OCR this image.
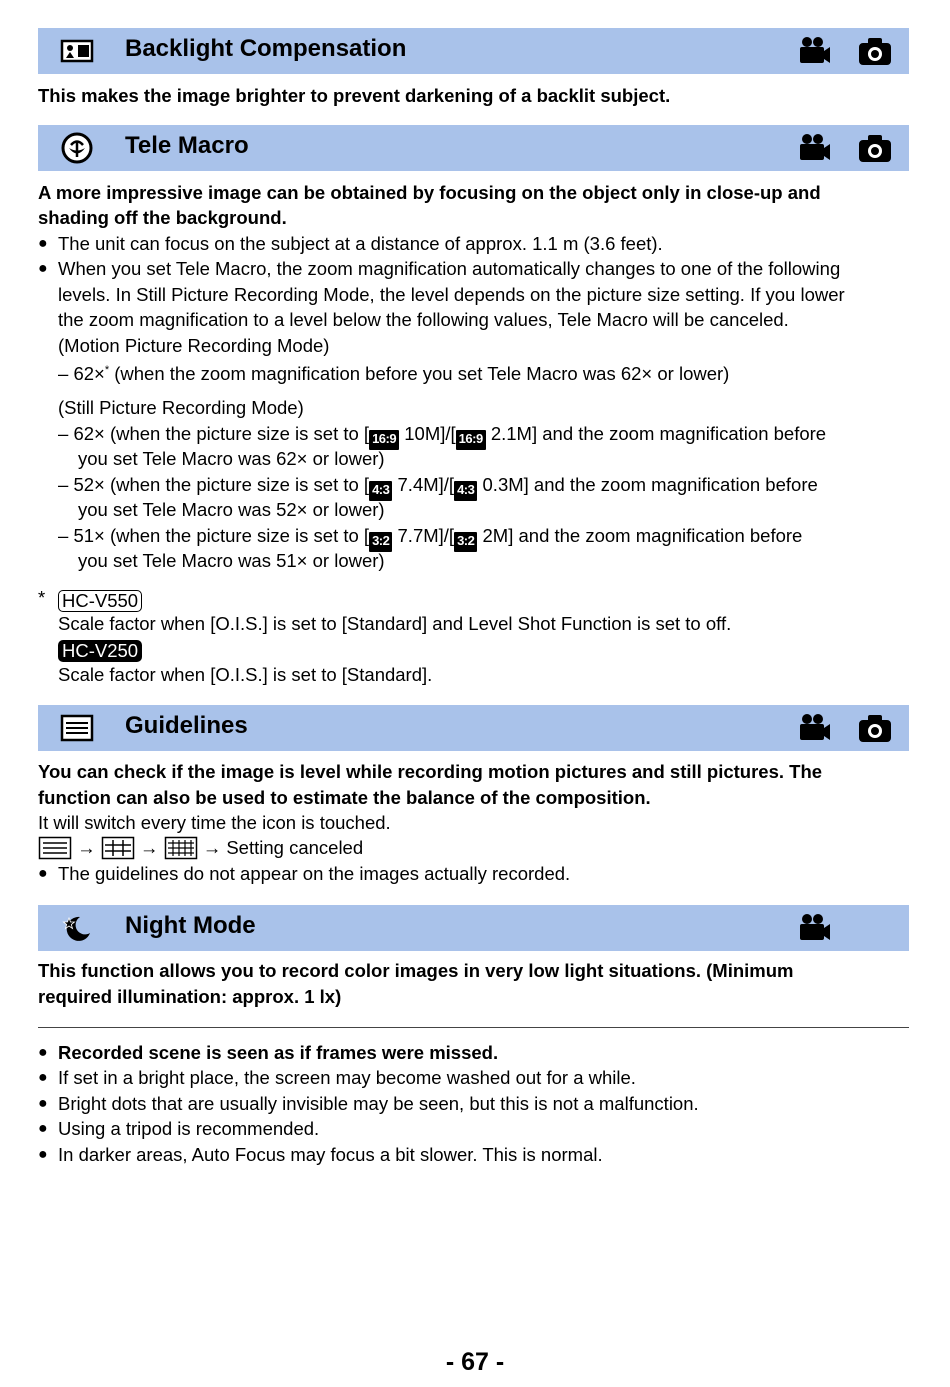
Backlight Compensation
This makes the image brighter to prevent darkening of a backlit subject.
Tele Macro
A more impressive image can be obtained by focusing on the object only in close-up and
shading off the background.
● The unit can focus on the subject at a distance of approx. 1.1 m (3.6 feet).
● When you set Tele Macro, the zoom magnification automatically changes to one of the following
levels. In Still Picture Recording Mode, the level depends on the picture size setting. If you lower
the zoom magnification to a level below the following values, Tele Macro will be canceled.
(Motion Picture Recording Mode)
– 62×* (when the zoom magnification before you set Tele Macro was 62× or lower)
(Still Picture Recording Mode)
– 62× (when the picture size is set to [ 16:9 10M]/[ 16:9 2.1M] and the zoom magnification before
you set Tele Macro was 62× or lower)
– 52× (when the picture size is set to [ 4:3 7.4M]/[ 4:3 0.3M] and the zoom magnification before
you set Tele Macro was 52× or lower)
– 51× (when the picture size is set to [ 3:2 7.7M]/[ 3:2 2M] and the zoom magnification before
you set Tele Macro was 51× or lower)
* HC-V550
Scale factor when [O.I.S.] is set to [Standard] and Level Shot Function is set to off.
HC-V250
Scale factor when [O.I.S.] is set to [Standard].
Guidelines
You can check if the image is level while recording motion pictures and still pictures. The
function can also be used to estimate the balance of the composition.
It will switch every time the icon is touched.
→ → → Setting canceled
● The guidelines do not appear on the images actually recorded.
Night Mode
This function allows you to record color images in very low light situations. (Minimum
required illumination: approx. 1 lx)
● Recorded scene is seen as if frames were missed.
● If set in a bright place, the screen may become washed out for a while.
● Bright dots that are usually invisible may be seen, but this is not a malfunction.
● Using a tripod is recommended.
● In darker areas, Auto Focus may focus a bit slower. This is normal.
- 67 -
